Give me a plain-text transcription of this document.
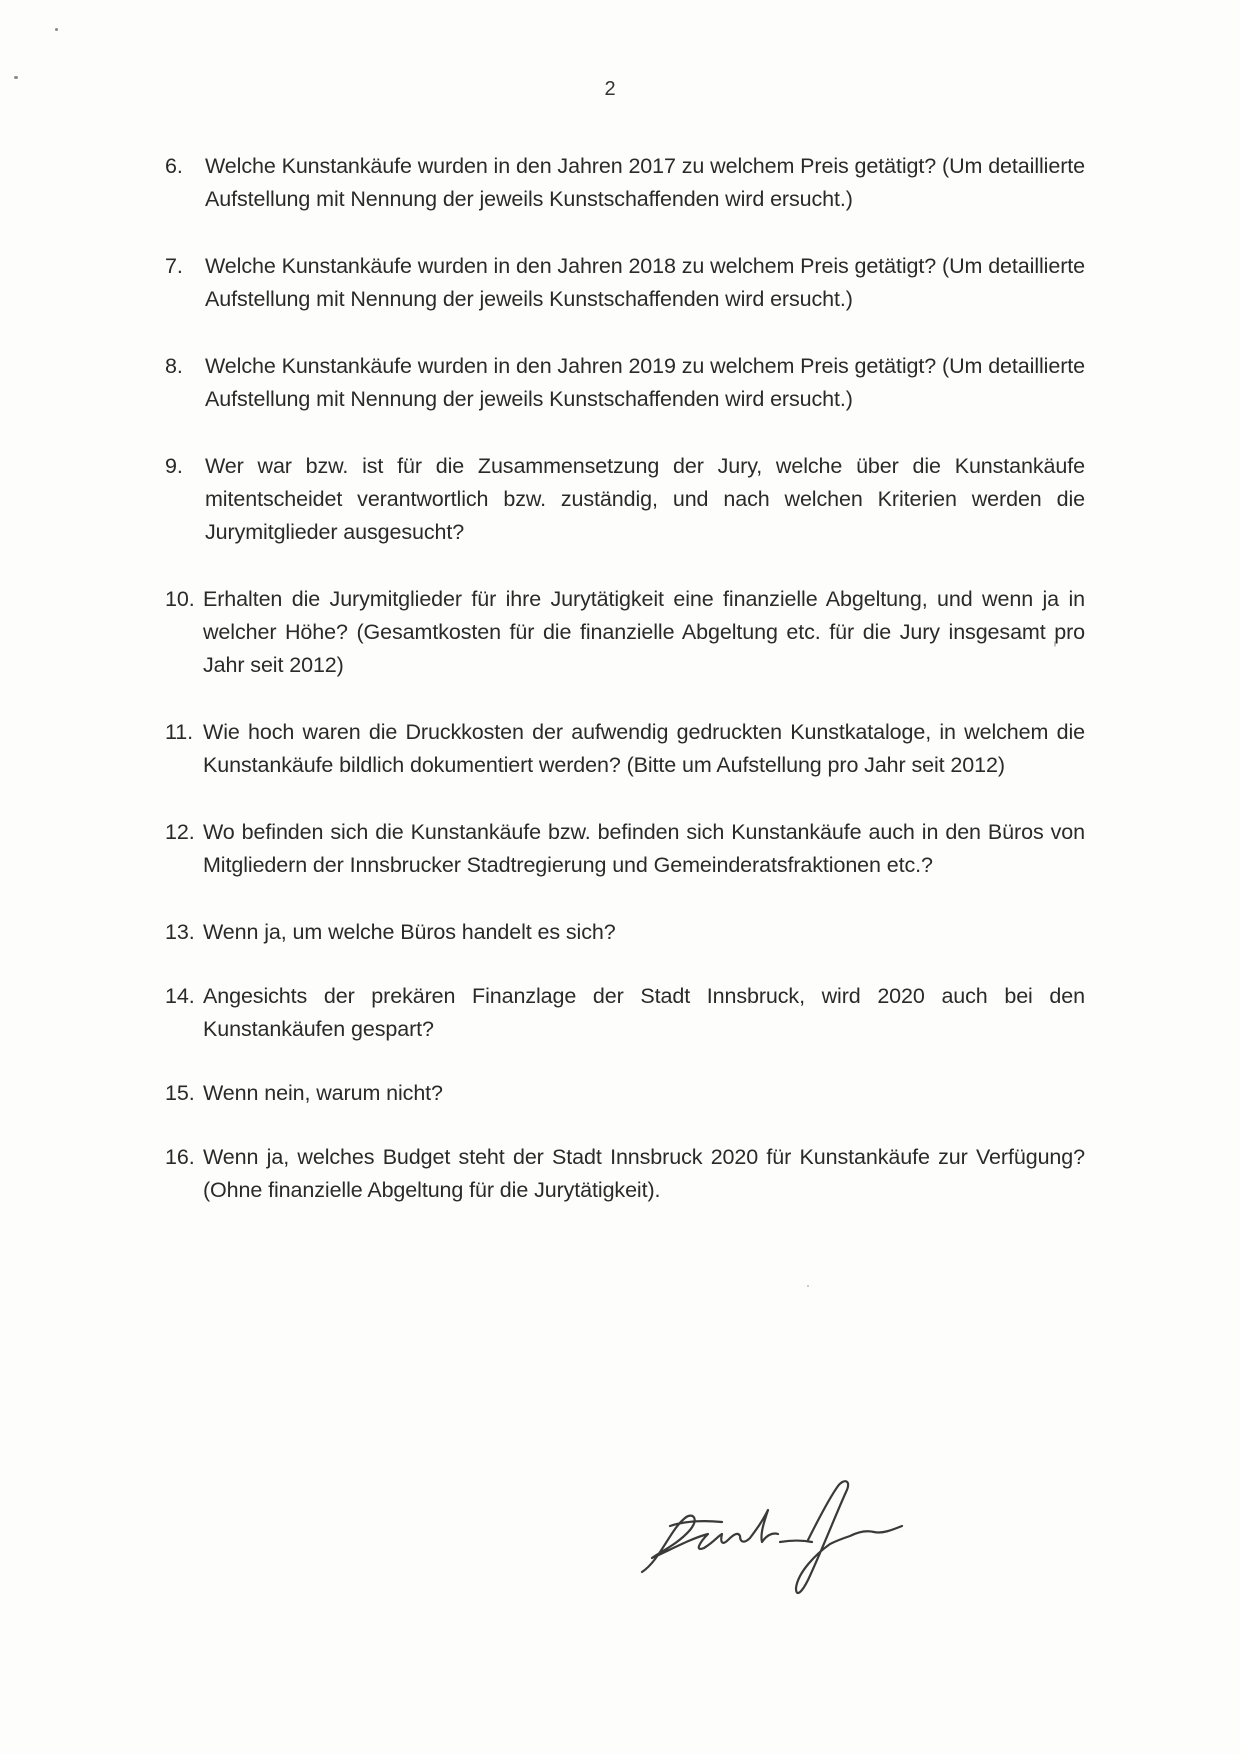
2
6.	Welche Kunstankäufe wurden in den Jahren 2017 zu welchem Preis getätigt? (Um detaillierte Aufstellung mit Nennung der jeweils Kunstschaffenden wird ersucht.)
7.	Welche Kunstankäufe wurden in den Jahren 2018 zu welchem Preis getätigt? (Um detaillierte Aufstellung mit Nennung der jeweils Kunstschaffenden wird ersucht.)
8.	Welche Kunstankäufe wurden in den Jahren 2019 zu welchem Preis getätigt? (Um detaillierte Aufstellung mit Nennung der jeweils Kunstschaffenden wird ersucht.)
9.	Wer war bzw. ist für die Zusammensetzung der Jury, welche über die Kunstankäufe mitentscheidet verantwortlich bzw. zuständig, und nach welchen Kriterien werden die Jurymitglieder ausgesucht?
10. Erhalten die Jurymitglieder für ihre Jurytätigkeit eine finanzielle Abgeltung, und wenn ja in welcher Höhe? (Gesamtkosten für die finanzielle Abgeltung etc. für die Jury insgesamt pro Jahr seit 2012)
11. Wie hoch waren die Druckkosten der aufwendig gedruckten Kunstkataloge, in welchem die Kunstankäufe bildlich dokumentiert werden? (Bitte um Aufstellung pro Jahr seit 2012)
12. Wo befinden sich die Kunstankäufe bzw. befinden sich Kunstankäufe auch in den Büros von Mitgliedern der Innsbrucker Stadtregierung und Gemeinderatsfraktionen etc.?
13. Wenn ja, um welche Büros handelt es sich?
14. Angesichts der prekären Finanzlage der Stadt Innsbruck, wird 2020 auch bei den Kunstankäufen gespart?
15. Wenn nein, warum nicht?
16. Wenn ja, welches Budget steht der Stadt Innsbruck 2020 für Kunstankäufe zur Verfügung? (Ohne finanzielle Abgeltung für die Jurytätigkeit).
